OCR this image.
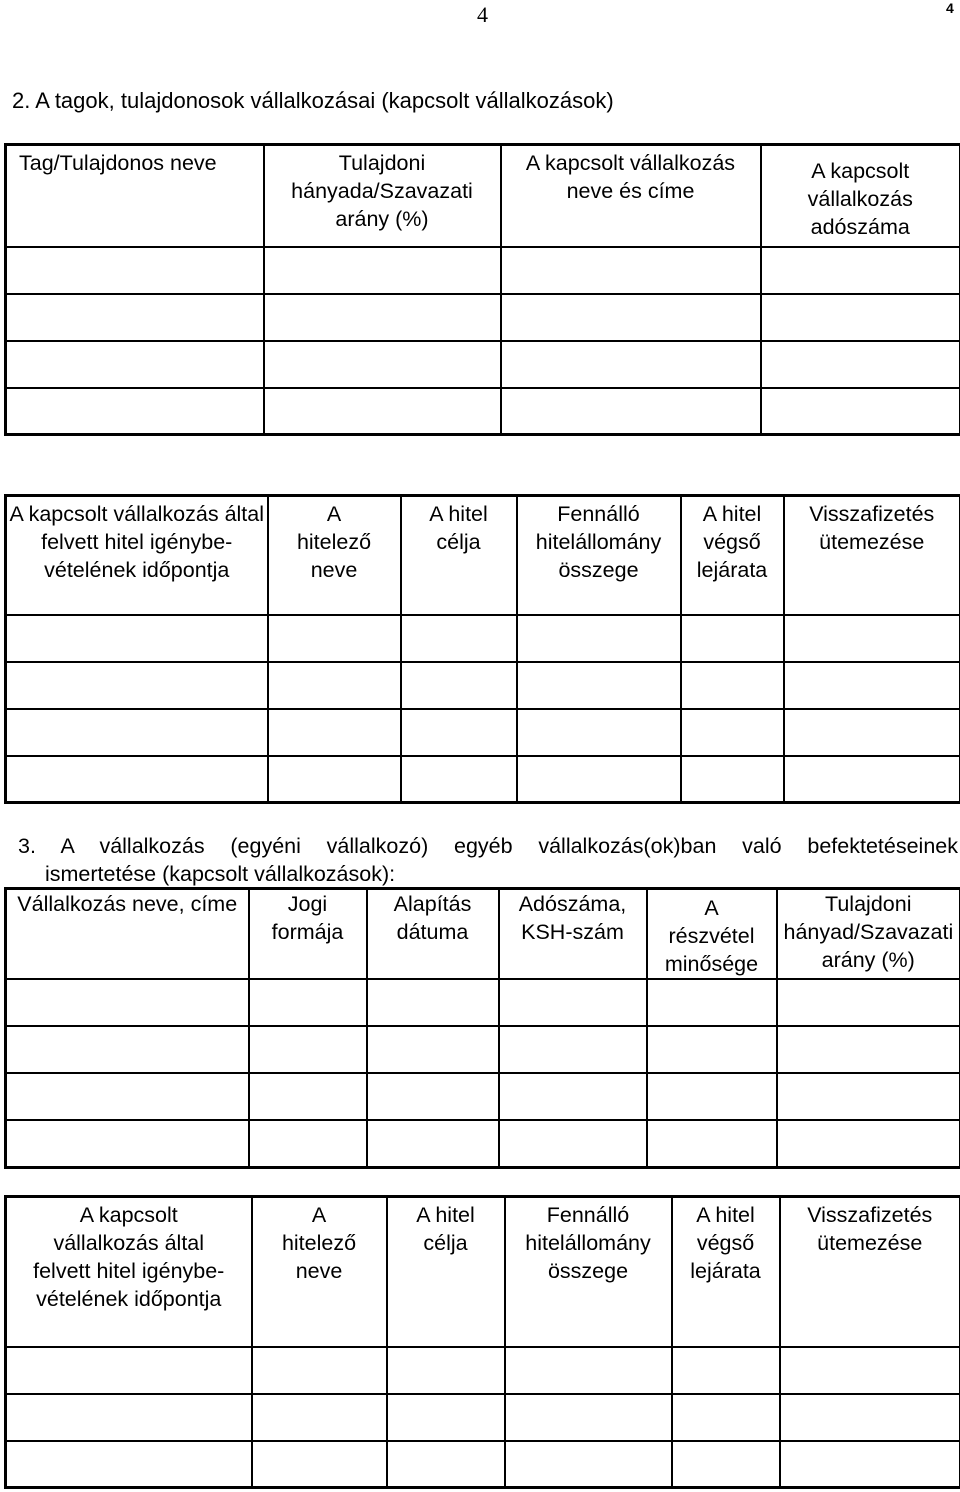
4	4
2. A tagok, tulajdonosok vállalkozásai (kapcsolt vállalkozások)
Tag/Tulajdonos neve	Tulajdoni hányada/Szavazati arány (%)	A kapcsolt vállalkozás neve és címe	A kapcsolt vállalkozás adószáma

A kapcsolt vállalkozás által felvett hitel igénybe-vételének időpontja	A hitelező neve	A hitel célja	Fennálló hitelállomány összege	A hitel végső lejárata	Visszafizetés ütemezése

3. A vállalkozás (egyéni vállalkozó) egyéb vállalkozás(ok)ban való befektetéseinek
ismertetése (kapcsolt vállalkozások):
Vállalkozás neve, címe	Jogi formája	Alapítás dátuma	Adószáma, KSH-szám	A részvétel minősége	Tulajdoni hányad/Szavazati arány (%)

A kapcsolt vállalkozás által felvett hitel igénybe-vételének időpontja	A hitelező neve	A hitel célja	Fennálló hitelállomány összege	A hitel végső lejárata	Visszafizetés ütemezése
